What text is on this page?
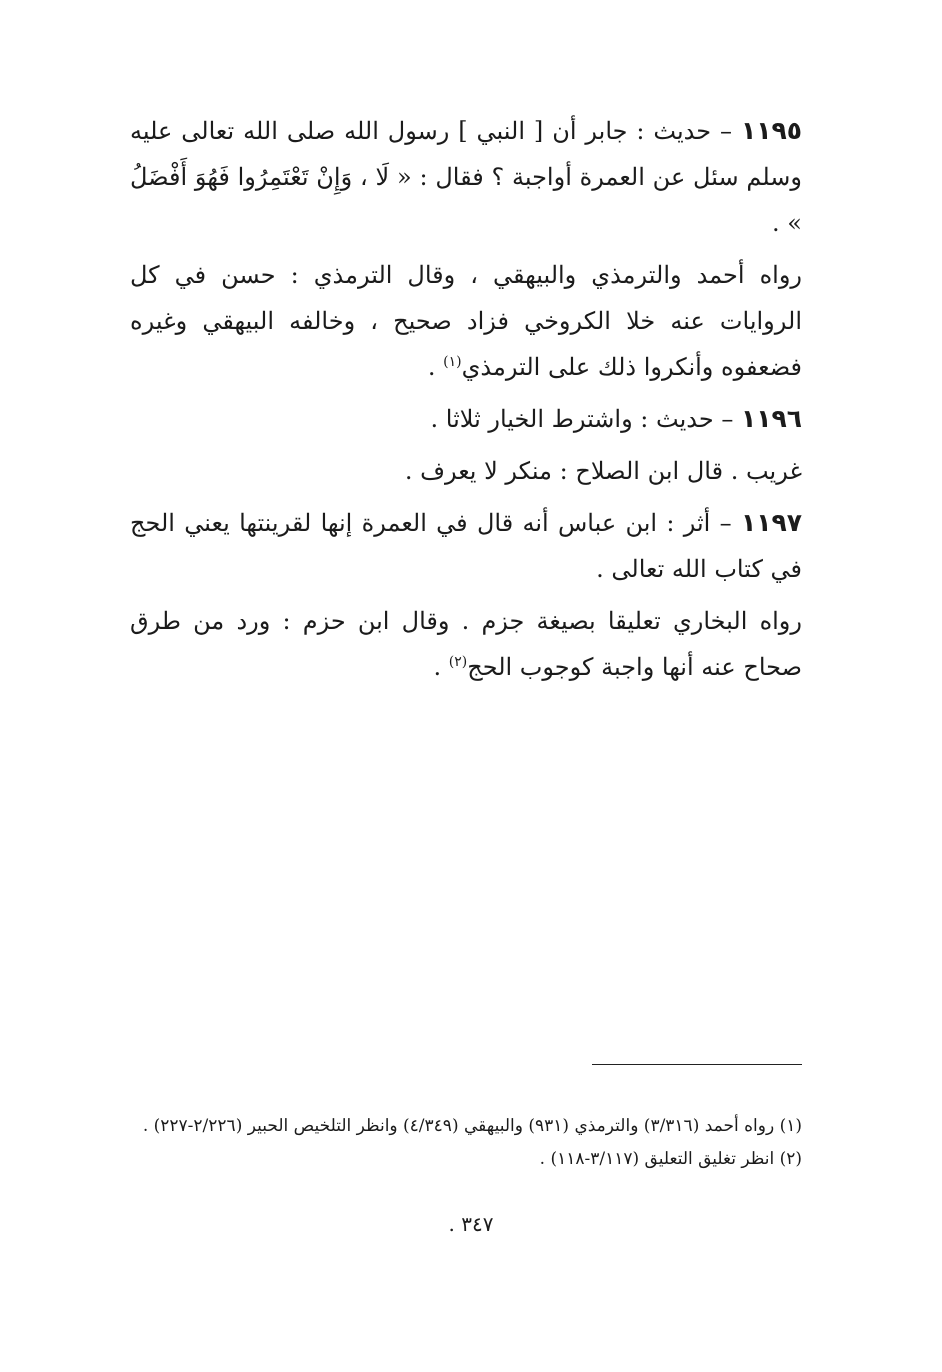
١١٩٥ – حديث : جابر أن [ النبي ] رسول الله صلى الله تعالى عليه وسلم سئل عن العمرة أواجبة ؟ فقال : « لَا ، وَإِنْ تَعْتَمِرُوا فَهُوَ أَفْضَلُ » .

رواه أحمد والترمذي والبيهقي ، وقال الترمذي : حسن في كل الروايات عنه خلا الكروخي فزاد صحيح ، وخالفه البيهقي وغيره فضعفوه وأنكروا ذلك على الترمذي$^{(١)}$ .

١١٩٦ – حديث : واشترط الخيار ثلاثا .

غريب . قال ابن الصلاح : منكر لا يعرف .

١١٩٧ – أثر : ابن عباس أنه قال في العمرة إنها لقرينتها يعني الحج في كتاب الله تعالى .

رواه البخاري تعليقا بصيغة جزم . وقال ابن حزم : ورد من طرق صحاح عنه أنها واجبة كوجوب الحج$^{(٢)}$ .

(١) رواه أحمد (٣/٣١٦) والترمذي (٩٣١) والبيهقي (٤/٣٤٩) وانظر التلخيص الحبير (٢/٢٢٦-٢٢٧) .

(٢) انظر تغليق التعليق (٣/١١٧-١١٨) .

٣٤٧ .
